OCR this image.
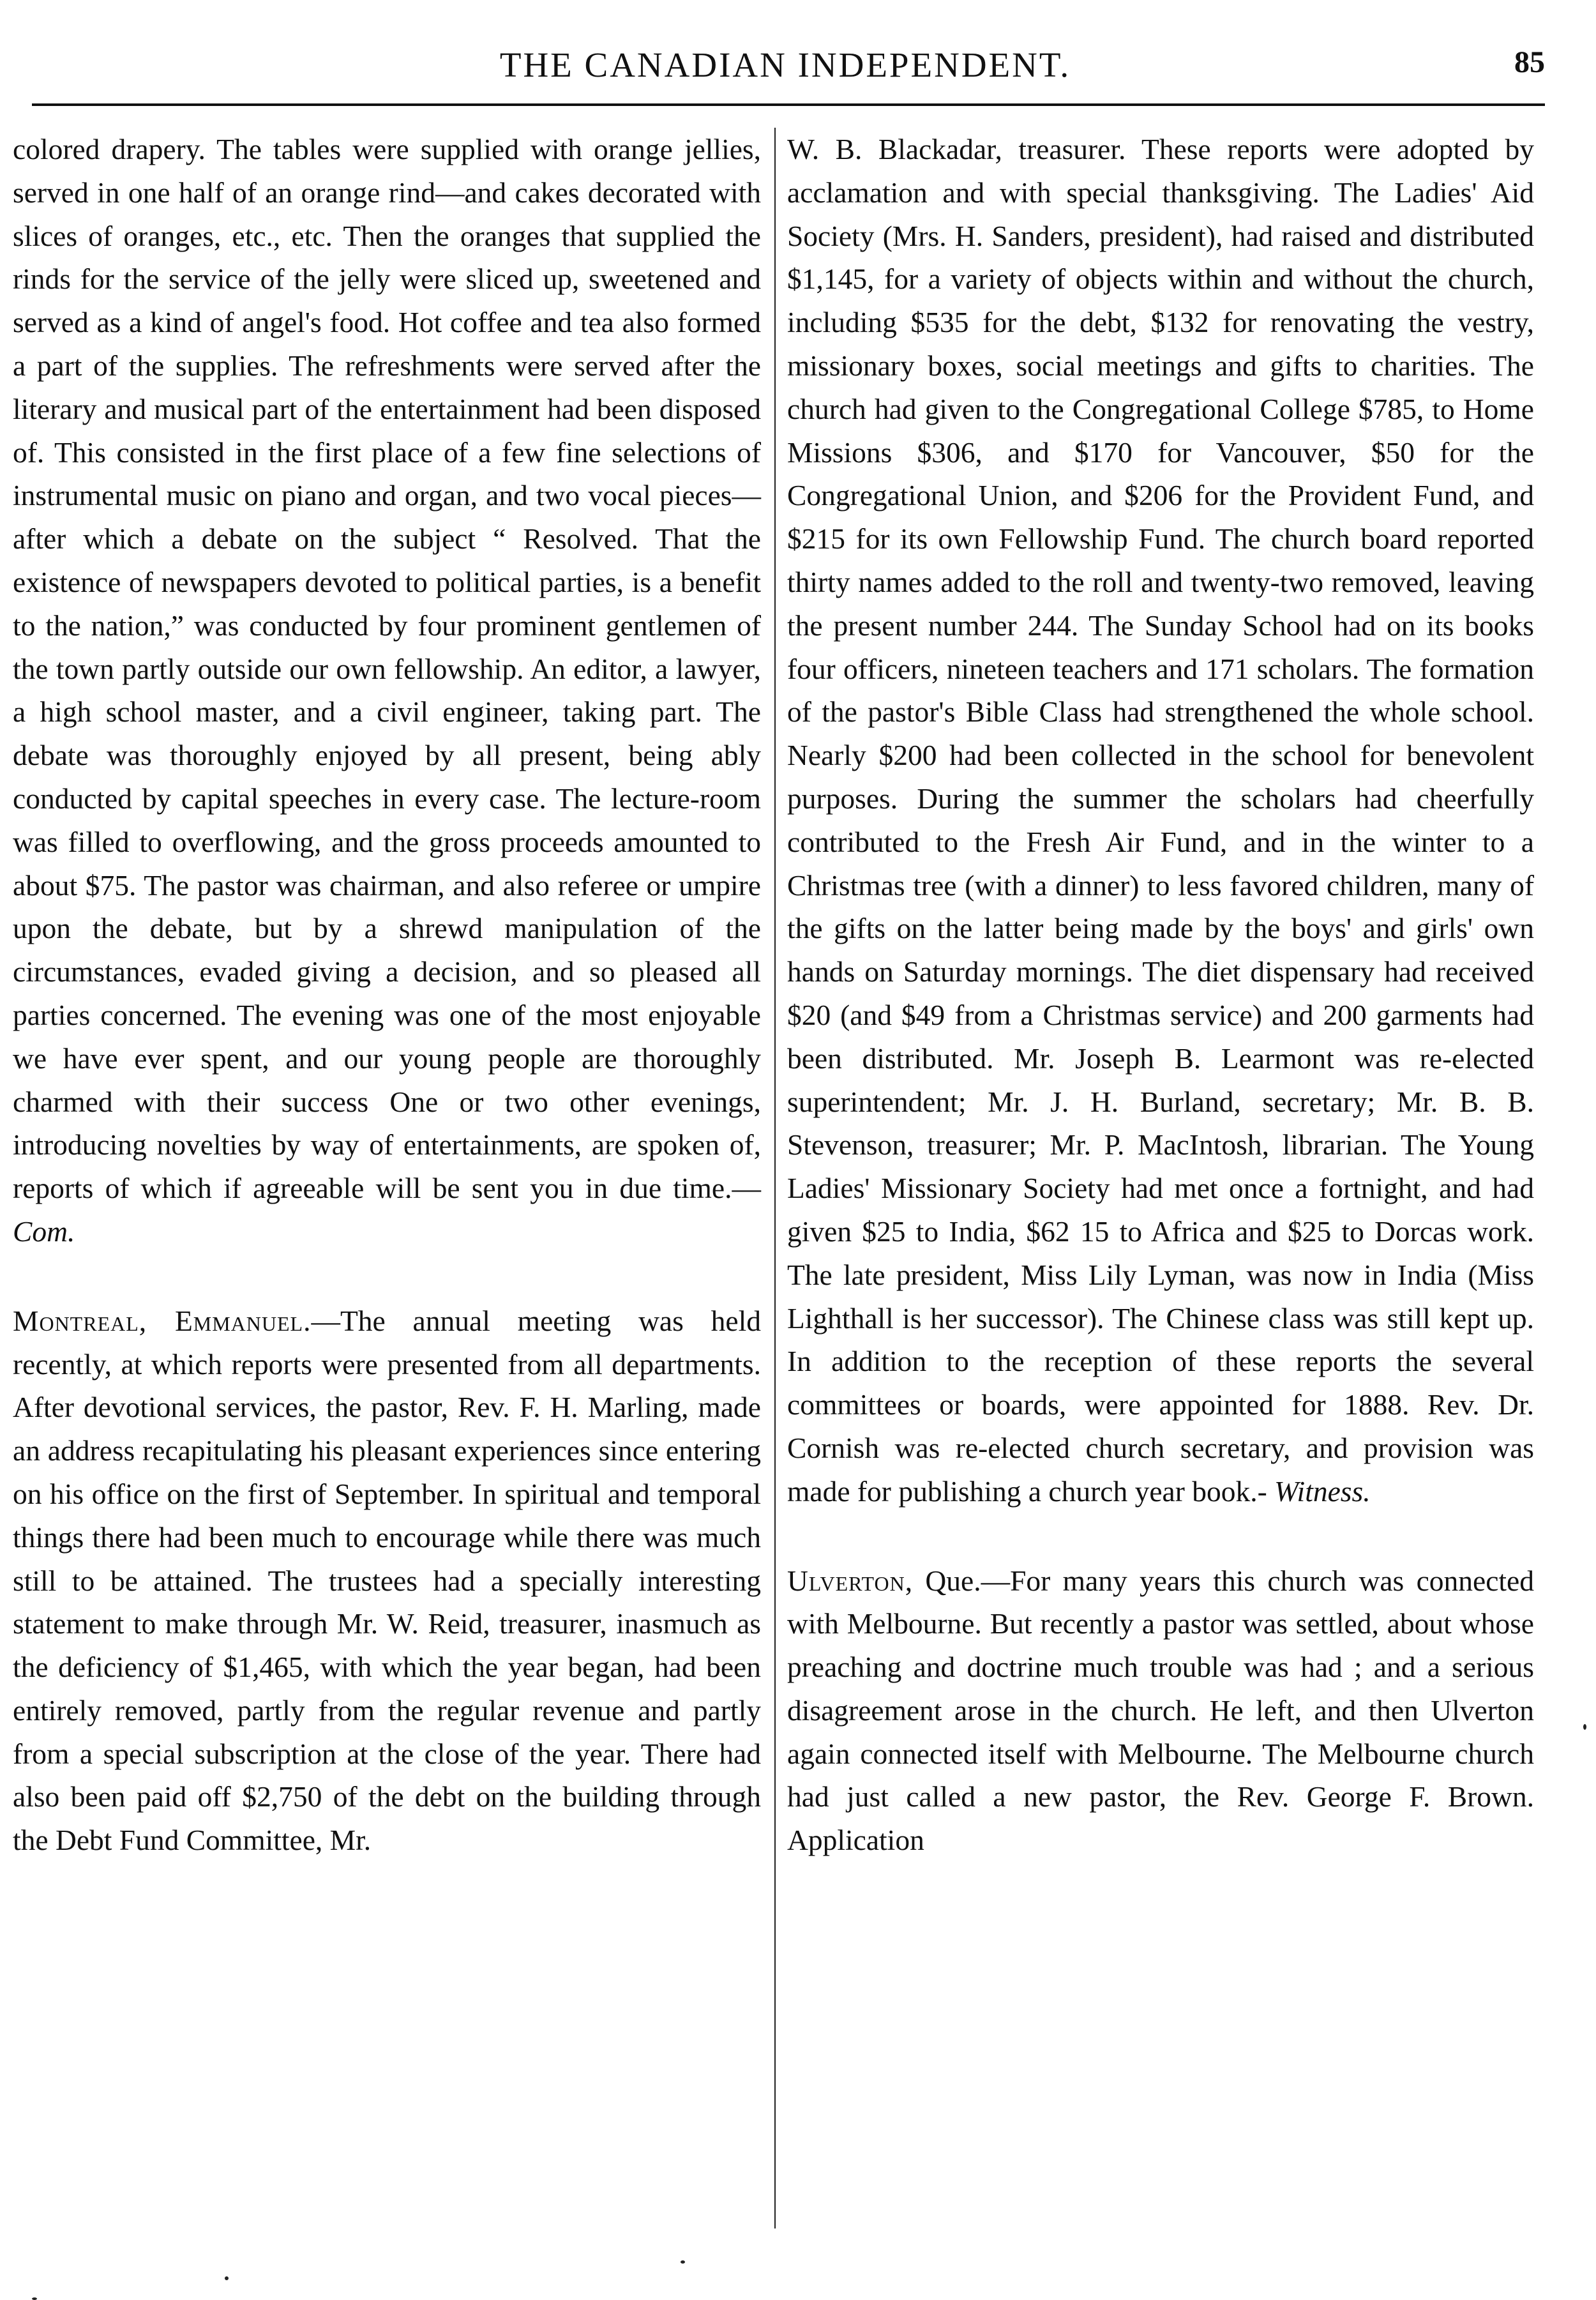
THE CANADIAN INDEPENDENT.	85

colored drapery. The tables were supplied with orange jellies, served in one half of an orange rind—and cakes decorated with slices of oranges, etc., etc. Then the oranges that supplied the rinds for the service of the jelly were sliced up, sweetened and served as a kind of angel's food. Hot coffee and tea also formed a part of the supplies. The refreshments were served after the literary and musical part of the entertainment had been disposed of. This consisted in the first place of a few fine selections of instrumental music on piano and organ, and two vocal pieces—after which a debate on the subject “ Resolved. That the existence of newspapers devoted to political parties, is a benefit to the nation,” was conducted by four prominent gentlemen of the town partly outside our own fellowship. An editor, a lawyer, a high school master, and a civil engineer, taking part. The debate was thoroughly enjoyed by all present, being ably conducted by capital speeches in every case. The lecture-room was filled to overflowing, and the gross proceeds amounted to about $75. The pastor was chairman, and also referee or umpire upon the debate, but by a shrewd manipulation of the circumstances, evaded giving a decision, and so pleased all parties concerned. The evening was one of the most enjoyable we have ever spent, and our young people are thoroughly charmed with their success One or two other evenings, introducing novelties by way of entertainments, are spoken of, reports of which if agreeable will be sent you in due time.—Com.

Montreal, Emmanuel.—The annual meeting was held recently, at which reports were presented from all departments. After devotional services, the pastor, Rev. F. H. Marling, made an address recapitulating his pleasant experiences since entering on his office on the first of September. In spiritual and temporal things there had been much to encourage while there was much still to be attained. The trustees had a specially interesting statement to make through Mr. W. Reid, treasurer, inasmuch as the deficiency of $1,465, with which the year began, had been entirely removed, partly from the regular revenue and partly from a special subscription at the close of the year. There had also been paid off $2,750 of the debt on the building through the Debt Fund Committee, Mr.

W. B. Blackadar, treasurer. These reports were adopted by acclamation and with special thanksgiving. The Ladies' Aid Society (Mrs. H. Sanders, president), had raised and distributed $1,145, for a variety of objects within and without the church, including $535 for the debt, $132 for renovating the vestry, missionary boxes, social meetings and gifts to charities. The church had given to the Congregational College $785, to Home Missions $306, and $170 for Vancouver, $50 for the Congregational Union, and $206 for the Provident Fund, and $215 for its own Fellowship Fund. The church board reported thirty names added to the roll and twenty-two removed, leaving the present number 244. The Sunday School had on its books four officers, nineteen teachers and 171 scholars. The formation of the pastor's Bible Class had strengthened the whole school. Nearly $200 had been collected in the school for benevolent purposes. During the summer the scholars had cheerfully contributed to the Fresh Air Fund, and in the winter to a Christmas tree (with a dinner) to less favored children, many of the gifts on the latter being made by the boys' and girls' own hands on Saturday mornings. The diet dispensary had received $20 (and $49 from a Christmas service) and 200 garments had been distributed. Mr. Joseph B. Learmont was re-elected superintendent; Mr. J. H. Burland, secretary; Mr. B. B. Stevenson, treasurer; Mr. P. MacIntosh, librarian. The Young Ladies' Missionary Society had met once a fortnight, and had given $25 to India, $62 15 to Africa and $25 to Dorcas work. The late president, Miss Lily Lyman, was now in India (Miss Lighthall is her successor). The Chinese class was still kept up. In addition to the reception of these reports the several committees or boards, were appointed for 1888. Rev. Dr. Cornish was re-elected church secretary, and provision was made for publishing a church year book.- Witness.

Ulverton, Que.—For many years this church was connected with Melbourne. But recently a pastor was settled, about whose preaching and doctrine much trouble was had ; and a serious disagreement arose in the church. He left, and then Ulverton again connected itself with Melbourne. The Melbourne church had just called a new pastor, the Rev. George F. Brown. Application
